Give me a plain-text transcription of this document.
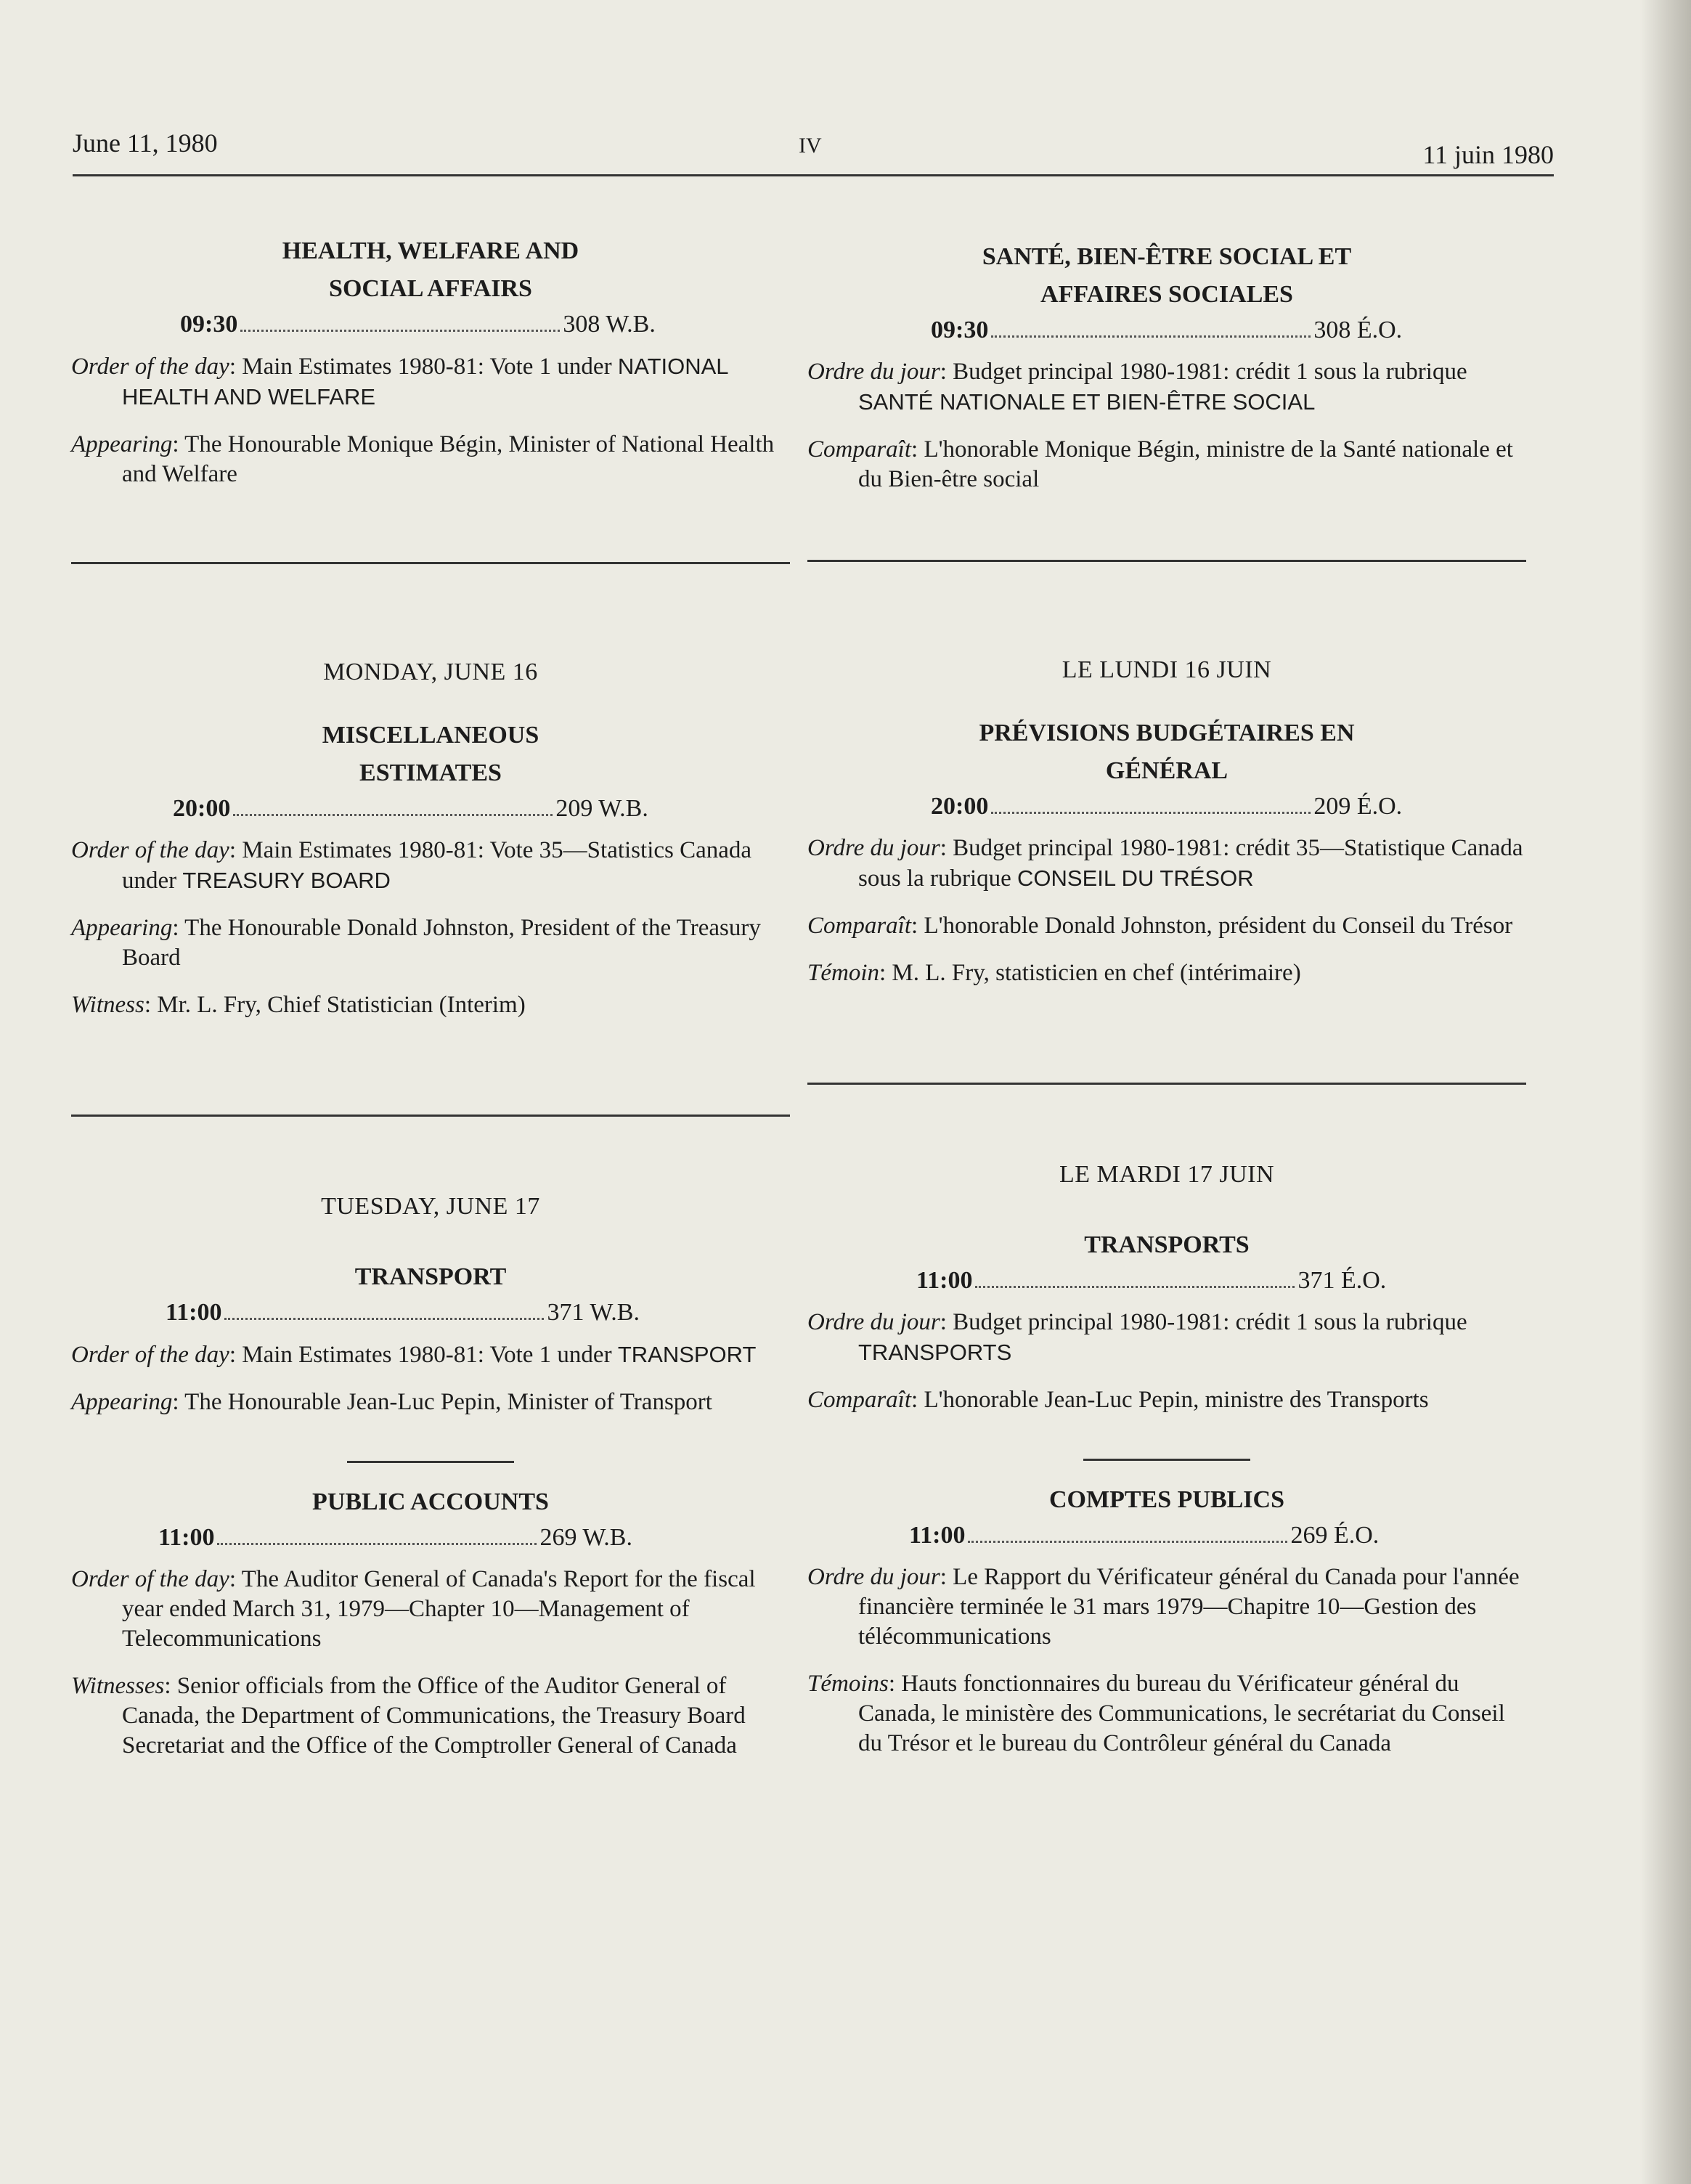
June 11, 1980	IV	11 juin 1980
HEALTH, WELFARE AND
SOCIAL AFFAIRS
09:30	308 W.B.

Order of the day: Main Estimates 1980-81: Vote 1 under NATIONAL HEALTH AND WELFARE

Appearing: The Honourable Monique Bégin, Minister of National Health and Welfare

MONDAY, JUNE 16
MISCELLANEOUS
ESTIMATES
20:00	209 W.B.

Order of the day: Main Estimates 1980-81: Vote 35—Statistics Canada under TREASURY BOARD

Appearing: The Honourable Donald Johnston, President of the Treasury Board

Witness: Mr. L. Fry, Chief Statistician (Interim)

TUESDAY, JUNE 17
TRANSPORT
11:00	371 W.B.

Order of the day: Main Estimates 1980-81: Vote 1 under TRANSPORT

Appearing: The Honourable Jean-Luc Pepin, Minister of Transport

PUBLIC ACCOUNTS
11:00	269 W.B.

Order of the day: The Auditor General of Canada's Report for the fiscal year ended March 31, 1979—Chapter 10—Management of Telecommunications

Witnesses: Senior officials from the Office of the Auditor General of Canada, the Department of Communications, the Treasury Board Secretariat and the Office of the Comptroller General of Canada

SANTÉ, BIEN-ÊTRE SOCIAL ET
AFFAIRES SOCIALES
09:30	308 É.O.

Ordre du jour: Budget principal 1980-1981: crédit 1 sous la rubrique SANTÉ NATIONALE ET BIEN-ÊTRE SOCIAL

Comparaît: L'honorable Monique Bégin, ministre de la Santé nationale et du Bien-être social

LE LUNDI 16 JUIN
PRÉVISIONS BUDGÉTAIRES EN
GÉNÉRAL
20:00	209 É.O.

Ordre du jour: Budget principal 1980-1981: crédit 35—Statistique Canada sous la rubrique CONSEIL DU TRÉSOR

Comparaît: L'honorable Donald Johnston, président du Conseil du Trésor

Témoin: M. L. Fry, statisticien en chef (intérimaire)

LE MARDI 17 JUIN
TRANSPORTS
11:00	371 É.O.

Ordre du jour: Budget principal 1980-1981: crédit 1 sous la rubrique TRANSPORTS

Comparaît: L'honorable Jean-Luc Pepin, ministre des Transports

COMPTES PUBLICS
11:00	269 É.O.

Ordre du jour: Le Rapport du Vérificateur général du Canada pour l'année financière terminée le 31 mars 1979—Chapitre 10—Gestion des télécommunications

Témoins: Hauts fonctionnaires du bureau du Vérificateur général du Canada, le ministère des Communications, le secrétariat du Conseil du Trésor et le bureau du Contrôleur général du Canada
